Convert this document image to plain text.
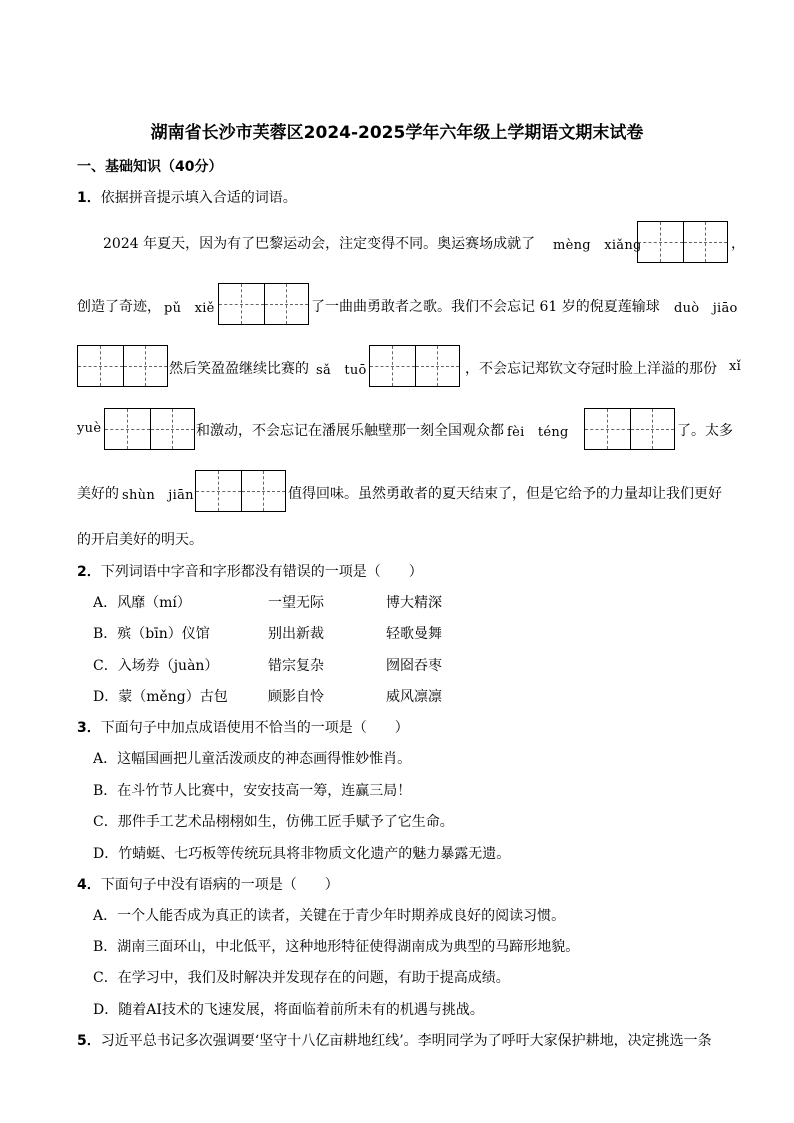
湖南省长沙市芙蓉区2024-2025学年六年级上学期语文期末试卷
一、基础知识（40分）
1．依据拼音提示填入合适的词语。
2024 年夏天，因为有了巴黎运动会，注定变得不同。奥运赛场成就了 mèng　xiǎng	，
创造了奇迹， pǔ　xiě	了一曲曲勇敢者之歌。我们不会忘记 61 岁的倪夏莲输球 duò　jiāo
然后笑盈盈继续比赛的 sǎ　tuō	，不会忘记郑钦文夺冠时脸上洋溢的那份 xǐ
yuè	和激动，不会忘记在潘展乐触壁那一刻全国观众都 fèi　téng	了。太多
美好的 shùn　jiān	值得回味。虽然勇敢者的夏天结束了，但是它给予的力量却让我们更好
的开启美好的明天。
2．下列词语中字音和字形都没有错误的一项是（　　）
A．风靡（mí）	一望无际	博大精深
B．殡（bīn）仪馆	别出新裁	轻歌曼舞
C．入场券（juàn）	错宗复杂	囫囵吞枣
D．蒙（měng）古包	顾影自怜	威风凛凛
3．下面句子中加点成语使用不恰当的一项是（　　）
A．这幅国画把儿童活泼顽皮的神态画得惟妙惟肖。
B．在斗竹节人比赛中，安安技高一筹，连赢三局！
C．那件手工艺术品栩栩如生，仿佛工匠手赋予了它生命。
D．竹蜻蜓、七巧板等传统玩具将非物质文化遗产的魅力暴露无遗。
4．下面句子中没有语病的一项是（　　）
A．一个人能否成为真正的读者，关键在于青少年时期养成良好的阅读习惯。
B．湖南三面环山，中北低平，这种地形特征使得湖南成为典型的马蹄形地貌。
C．在学习中，我们及时解决并发现存在的问题，有助于提高成绩。
D．随着AI技术的飞速发展，将面临着前所未有的机遇与挑战。
5．习近平总书记多次强调要‘坚守十八亿亩耕地红线’。李明同学为了呼吁大家保护耕地，决定挑选一条
